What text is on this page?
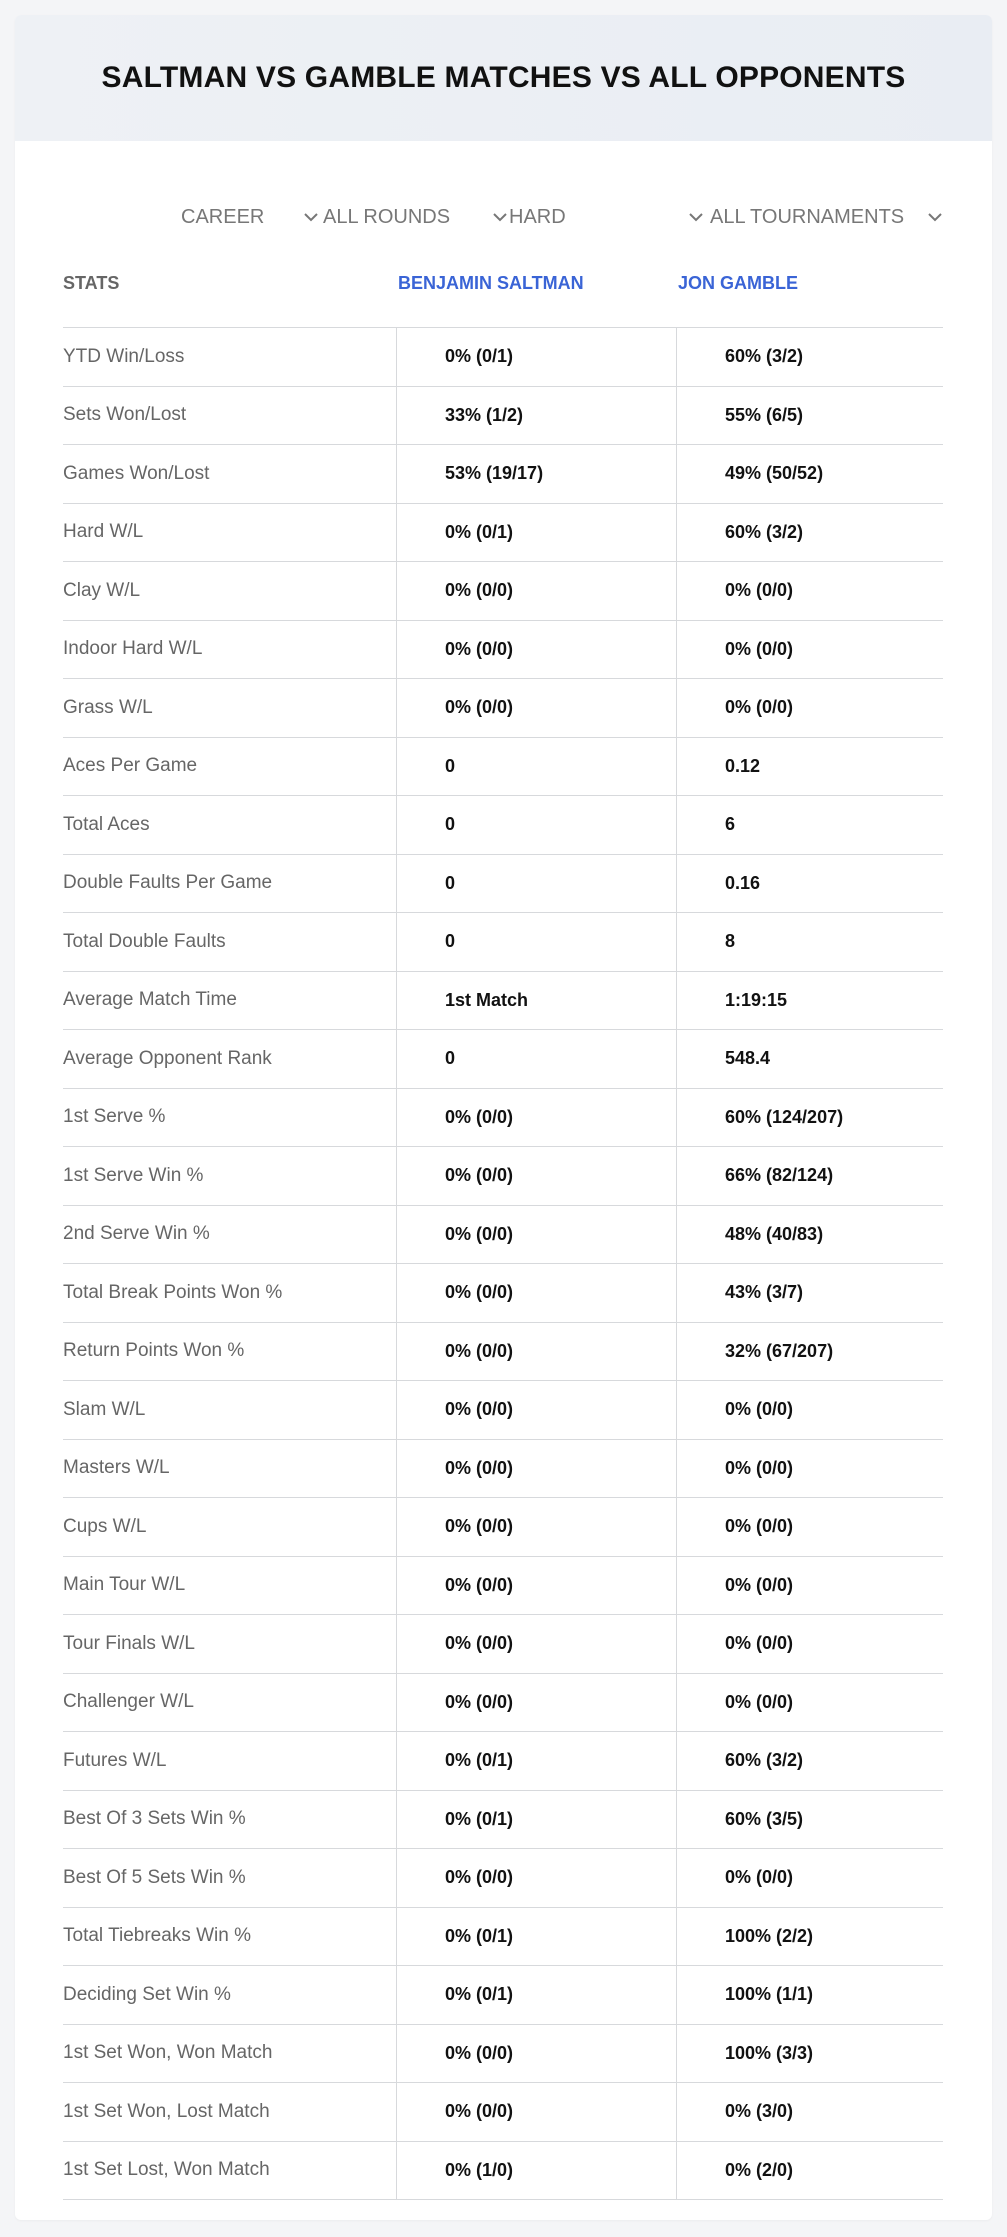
SALTMAN VS GAMBLE MATCHES VS ALL OPPONENTS
CAREER	ALL ROUNDS	HARD	ALL TOURNAMENTS
STATS	BENJAMIN SALTMAN	JON GAMBLE
YTD Win/Loss	0% (0/1)	60% (3/2)
Sets Won/Lost	33% (1/2)	55% (6/5)
Games Won/Lost	53% (19/17)	49% (50/52)
Hard W/L	0% (0/1)	60% (3/2)
Clay W/L	0% (0/0)	0% (0/0)
Indoor Hard W/L	0% (0/0)	0% (0/0)
Grass W/L	0% (0/0)	0% (0/0)
Aces Per Game	0	0.12
Total Aces	0	6
Double Faults Per Game	0	0.16
Total Double Faults	0	8
Average Match Time	1st Match	1:19:15
Average Opponent Rank	0	548.4
1st Serve %	0% (0/0)	60% (124/207)
1st Serve Win %	0% (0/0)	66% (82/124)
2nd Serve Win %	0% (0/0)	48% (40/83)
Total Break Points Won %	0% (0/0)	43% (3/7)
Return Points Won %	0% (0/0)	32% (67/207)
Slam W/L	0% (0/0)	0% (0/0)
Masters W/L	0% (0/0)	0% (0/0)
Cups W/L	0% (0/0)	0% (0/0)
Main Tour W/L	0% (0/0)	0% (0/0)
Tour Finals W/L	0% (0/0)	0% (0/0)
Challenger W/L	0% (0/0)	0% (0/0)
Futures W/L	0% (0/1)	60% (3/2)
Best Of 3 Sets Win %	0% (0/1)	60% (3/5)
Best Of 5 Sets Win %	0% (0/0)	0% (0/0)
Total Tiebreaks Win %	0% (0/1)	100% (2/2)
Deciding Set Win %	0% (0/1)	100% (1/1)
1st Set Won, Won Match	0% (0/0)	100% (3/3)
1st Set Won, Lost Match	0% (0/0)	0% (3/0)
1st Set Lost, Won Match	0% (1/0)	0% (2/0)
